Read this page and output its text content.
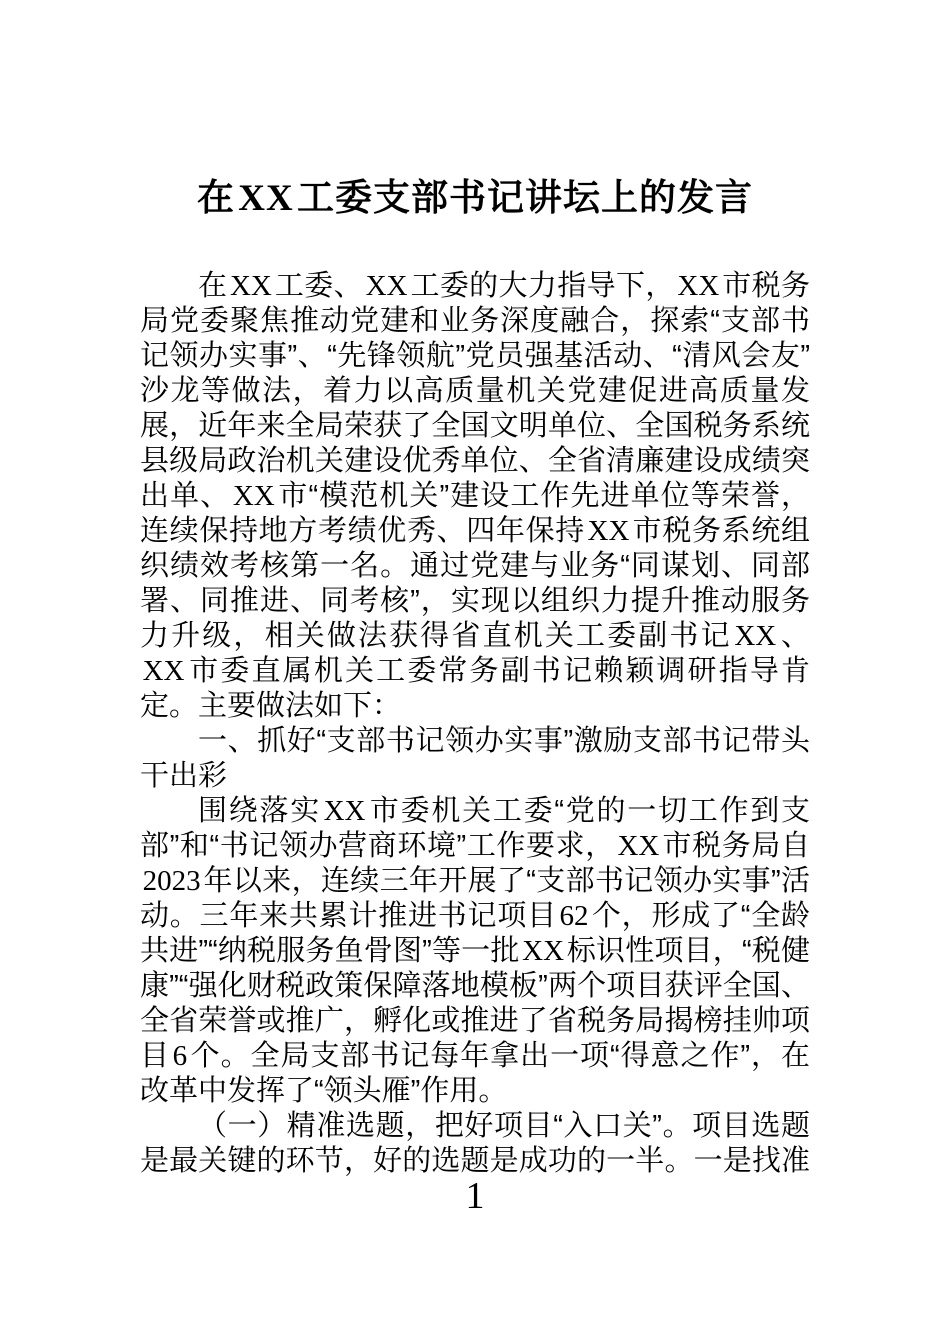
在XX工委支部书记讲坛上的发言

在XX工委、XX工委的大力指导下，XX市税务局党委聚焦推动党建和业务深度融合，探索“支部书记领办实事”、“先锋领航”党员强基活动、“清风会友”沙龙等做法，着力以高质量机关党建促进高质量发展，近年来全局荣获了全国文明单位、全国税务系统县级局政治机关建设优秀单位、全省清廉建设成绩突出单、XX市“模范机关”建设工作先进单位等荣誉，连续保持地方考绩优秀、四年保持XX市税务系统组织绩效考核第一名。通过党建与业务“同谋划、同部署、同推进、同考核”，实现以组织力提升推动服务力升级，相关做法获得省直机关工委副书记XX、XX市委直属机关工委常务副书记赖颖调研指导肯定。主要做法如下：

一、抓好“支部书记领办实事”激励支部书记带头干出彩

围绕落实XX市委机关工委“党的一切工作到支部”和“书记领办营商环境”工作要求，XX市税务局自2023年以来，连续三年开展了“支部书记领办实事”活动。三年来共累计推进书记项目62个，形成了“全龄共进”“纳税服务鱼骨图”等一批XX标识性项目，“税健康”“强化财税政策保障落地模板”两个项目获评全国、全省荣誉或推广，孵化或推进了省税务局揭榜挂帅项目6个。全局支部书记每年拿出一项“得意之作”，在改革中发挥了“领头雁”作用。

（一）精准选题，把好项目“入口关”。项目选题是最关键的环节，好的选题是成功的一半。一是找准

1
